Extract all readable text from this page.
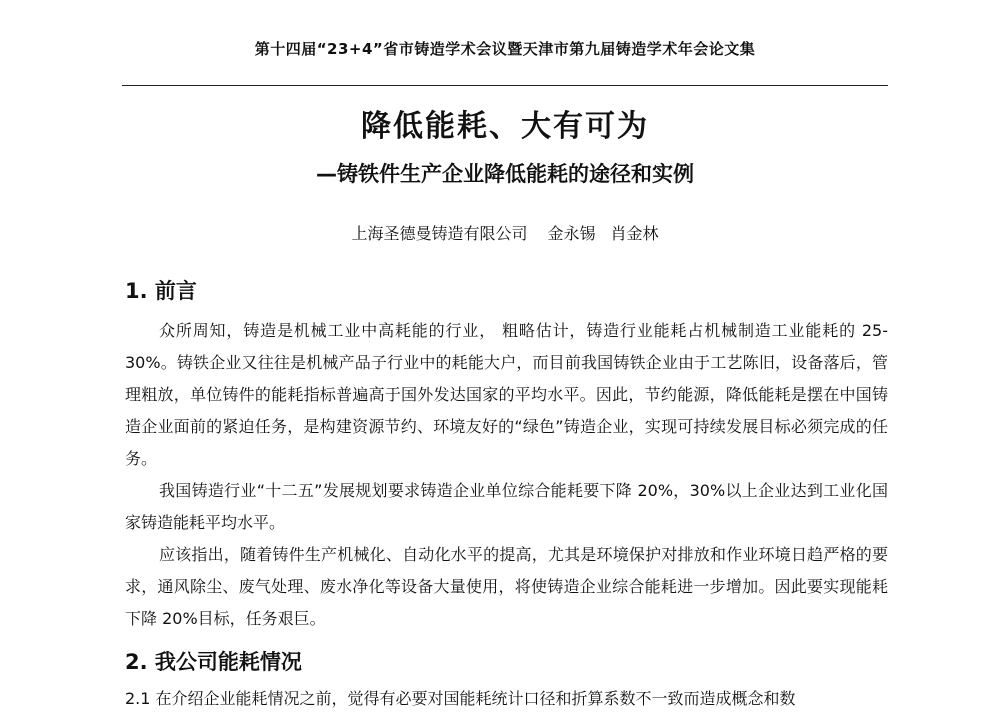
第十四届“23+4”省市铸造学术会议暨天津市第九届铸造学术年会论文集
降低能耗、大有可为
—铸铁件生产企业降低能耗的途径和实例
上海圣德曼铸造有限公司 金永锡 肖金林
1. 前言
众所周知，铸造是机械工业中高耗能的行业， 粗略估计，铸造行业能耗占机械制造工业能耗的 25-30%。铸铁企业又往往是机械产品子行业中的耗能大户，而目前我国铸铁企业由于工艺陈旧，设备落后，管理粗放，单位铸件的能耗指标普遍高于国外发达国家的平均水平。因此，节约能源，降低能耗是摆在中国铸造企业面前的紧迫任务，是构建资源节约、环境友好的“绿色”铸造企业，实现可持续发展目标必须完成的任务。
我国铸造行业“十二五”发展规划要求铸造企业单位综合能耗要下降 20%，30%以上企业达到工业化国家铸造能耗平均水平。
应该指出，随着铸件生产机械化、自动化水平的提高，尤其是环境保护对排放和作业环境日趋严格的要求，通风除尘、废气处理、废水净化等设备大量使用，将使铸造企业综合能耗进一步增加。因此要实现能耗下降 20%目标，任务艰巨。
2. 我公司能耗情况
2.1 在介绍企业能耗情况之前，觉得有必要对国能耗统计口径和折算系数不一致而造成概念和数
